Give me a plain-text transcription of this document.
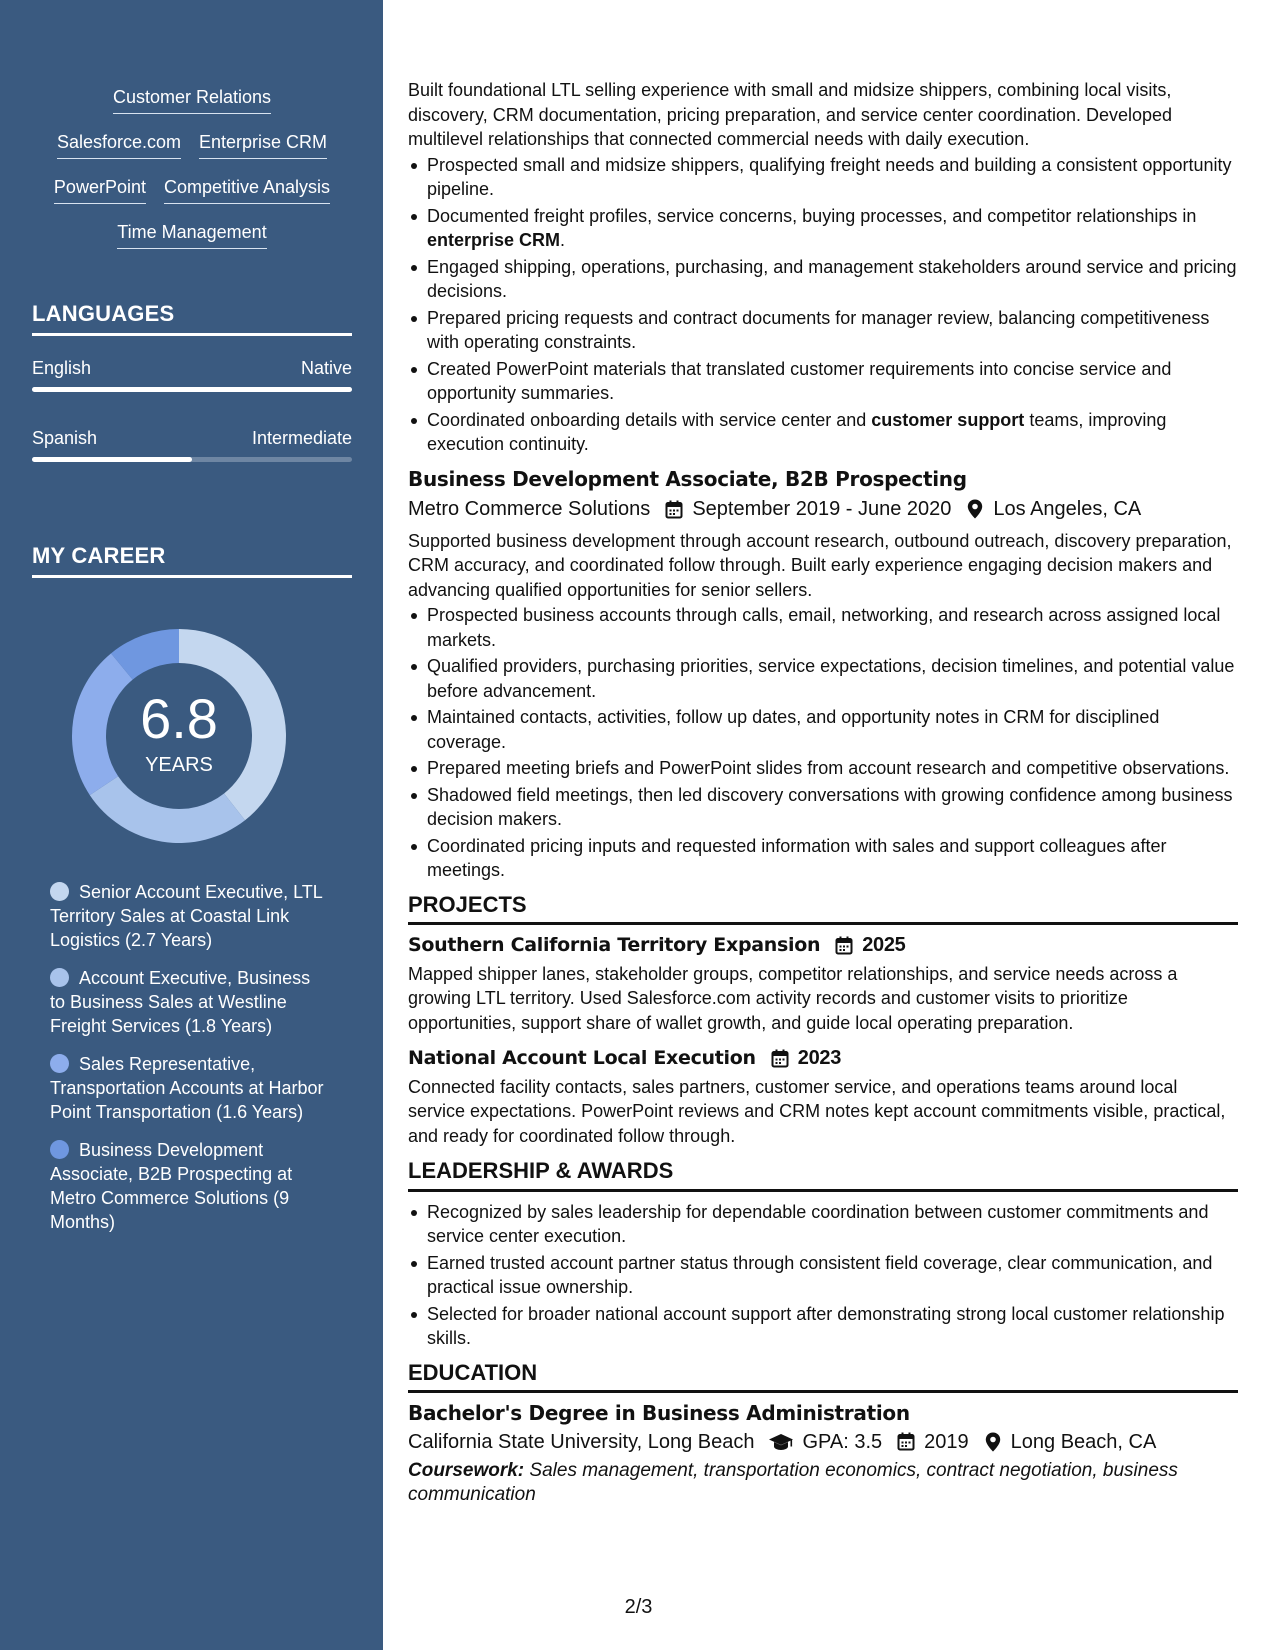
Customer Relations
Salesforce.com Enterprise CRM
PowerPoint Competitive Analysis
Time Management
LANGUAGES
English	Native
Spanish	Intermediate
MY CAREER
6.8
YEARS
Senior Account Executive, LTL Territory Sales at Coastal Link Logistics (2.7 Years)
Account Executive, Business to Business Sales at Westline Freight Services (1.8 Years)
Sales Representative, Transportation Accounts at Harbor Point Transportation (1.6 Years)
Business Development Associate, B2B Prospecting at Metro Commerce Solutions (9 Months)

Built foundational LTL selling experience with small and midsize shippers, combining local visits, discovery, CRM documentation, pricing preparation, and service center coordination. Developed multilevel relationships that connected commercial needs with daily execution.

Prospected small and midsize shippers, qualifying freight needs and building a consistent opportunity pipeline.
Documented freight profiles, service concerns, buying processes, and competitor relationships in enterprise CRM.
Engaged shipping, operations, purchasing, and management stakeholders around service and pricing decisions.
Prepared pricing requests and contract documents for manager review, balancing competitiveness with operating constraints.
Created PowerPoint materials that translated customer requirements into concise service and opportunity summaries.
Coordinated onboarding details with service center and customer support teams, improving execution continuity.
Business Development Associate, B2B Prospecting
Metro Commerce Solutions September 2019 - June 2020 Los Angeles, CA

Supported business development through account research, outbound outreach, discovery preparation, CRM accuracy, and coordinated follow through. Built early experience engaging decision makers and advancing qualified opportunities for senior sellers.

Prospected business accounts through calls, email, networking, and research across assigned local markets.
Qualified providers, purchasing priorities, service expectations, decision timelines, and potential value before advancement.
Maintained contacts, activities, follow up dates, and opportunity notes in CRM for disciplined coverage.
Prepared meeting briefs and PowerPoint slides from account research and competitive observations.
Shadowed field meetings, then led discovery conversations with growing confidence among business decision makers.
Coordinated pricing inputs and requested information with sales and support colleagues after meetings.
PROJECTS
Southern California Territory Expansion 2025

Mapped shipper lanes, stakeholder groups, competitor relationships, and service needs across a growing LTL territory. Used Salesforce.com activity records and customer visits to prioritize opportunities, support share of wallet growth, and guide local operating preparation.

National Account Local Execution 2023

Connected facility contacts, sales partners, customer service, and operations teams around local service expectations. PowerPoint reviews and CRM notes kept account commitments visible, practical, and ready for coordinated follow through.

LEADERSHIP & AWARDS
Recognized by sales leadership for dependable coordination between customer commitments and service center execution.
Earned trusted account partner status through consistent field coverage, clear communication, and practical issue ownership.
Selected for broader national account support after demonstrating strong local customer relationship skills.
EDUCATION
Bachelor's Degree in Business Administration
California State University, Long Beach GPA: 3.5 2019 Long Beach, CA

Coursework: Sales management, transportation economics, contract negotiation, business communication

2/3
